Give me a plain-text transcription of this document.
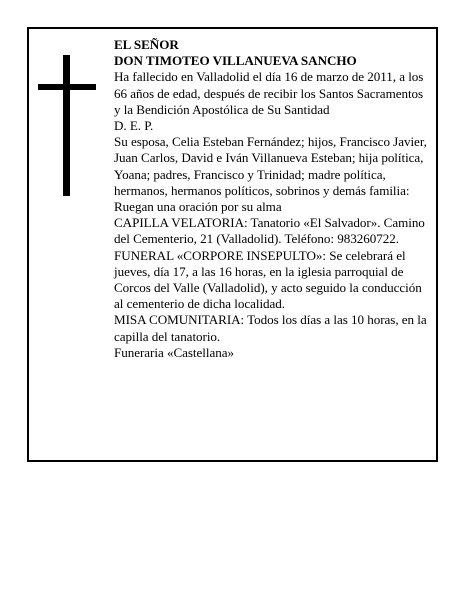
EL SEÑOR
DON TIMOTEO VILLANUEVA SANCHO
Ha fallecido en Valladolid el día 16 de marzo de 2011, a los 66 años de edad, después de recibir los Santos Sacramentos y la Bendición Apostólica de Su Santidad
D. E. P.
Su esposa, Celia Esteban Fernández; hijos, Francisco Javier, Juan Carlos, David e Iván Villanueva Esteban; hija política, Yoana; padres, Francisco y Trinidad; madre política, hermanos, hermanos políticos, sobrinos y demás familia:
Ruegan una oración por su alma
CAPILLA VELATORIA: Tanatorio «El Salvador». Camino del Cementerio, 21 (Valladolid). Teléfono: 983260722.
FUNERAL «CORPORE INSEPULTO»: Se celebrará el jueves, día 17, a las 16 horas, en la iglesia parroquial de Corcos del Valle (Valladolid), y acto seguido la conducción al cementerio de dicha localidad.
MISA COMUNITARIA: Todos los días a las 10 horas, en la capilla del tanatorio.
Funeraria «Castellana»
